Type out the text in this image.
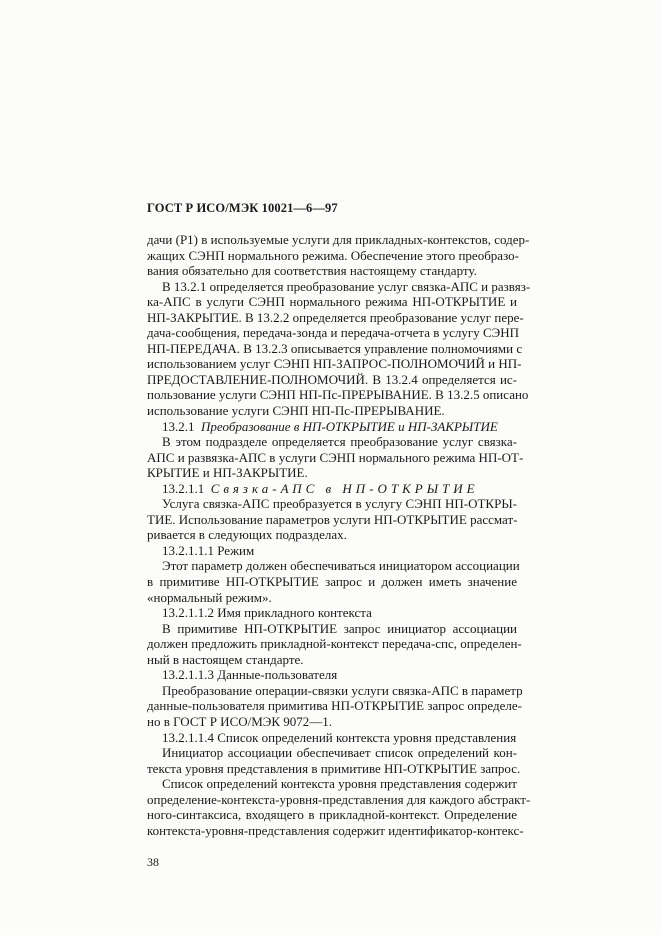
ГОСТ Р ИСО/МЭК 10021—6—97
дачи (Р1) в используемые услуги для прикладных-контекстов, содер-
жащих СЭНП нормального режима. Обеспечение этого преобразо-
вания обязательно для соответствия настоящему стандарту.
В 13.2.1 определяется преобразование услуг связка-АПС и развяз-
ка-АПС в услуги СЭНП нормального режима НП-ОТКРЫТИЕ и
НП-ЗАКРЫТИЕ. В 13.2.2 определяется преобразование услуг пере-
дача-сообщения, передача-зонда и передача-отчета в услугу СЭНП
НП-ПЕРЕДАЧА. В 13.2.3 описывается управление полномочиями с
использованием услуг СЭНП НП-ЗАПРОС-ПОЛНОМОЧИЙ и НП-
ПРЕДОСТАВЛЕНИЕ-ПОЛНОМОЧИЙ. В 13.2.4 определяется ис-
пользование услуги СЭНП НП-Пс-ПРЕРЫВАНИЕ. В 13.2.5 описано
использование услуги СЭНП НП-Пс-ПРЕРЫВАНИЕ.
13.2.1  Преобразование в НП-ОТКРЫТИЕ и НП-ЗАКРЫТИЕ
В этом подразделе определяется преобразование услуг связка-
АПС и развязка-АПС в услуги СЭНП нормального режима НП-ОТ-
КРЫТИЕ и НП-ЗАКРЫТИЕ.
13.2.1.1  Связка-АПС в НП-ОТКРЫТИЕ
Услуга связка-АПС преобразуется в услугу СЭНП НП-ОТКРЫ-
ТИЕ. Использование параметров услуги НП-ОТКРЫТИЕ рассмат-
ривается в следующих подразделах.
13.2.1.1.1 Режим
Этот параметр должен обеспечиваться инициатором ассоциации
в примитиве НП-ОТКРЫТИЕ запрос и должен иметь значение
«нормальный режим».
13.2.1.1.2 Имя прикладного контекста
В примитиве НП-ОТКРЫТИЕ запрос инициатор ассоциации
должен предложить прикладной-контекст передача-спс, определен-
ный в настоящем стандарте.
13.2.1.1.3 Данные-пользователя
Преобразование операции-связки услуги связка-АПС в параметр
данные-пользователя примитива НП-ОТКРЫТИЕ запрос определе-
но в ГОСТ Р ИСО/МЭК 9072—1.
13.2.1.1.4 Список определений контекста уровня представления
Инициатор ассоциации обеспечивает список определений кон-
текста уровня представления в примитиве НП-ОТКРЫТИЕ запрос.
Список определений контекста уровня представления содержит
определение-контекста-уровня-представления для каждого абстракт-
ного-синтаксиса, входящего в прикладной-контекст. Определение
контекста-уровня-представления содержит идентификатор-контекс-
38
